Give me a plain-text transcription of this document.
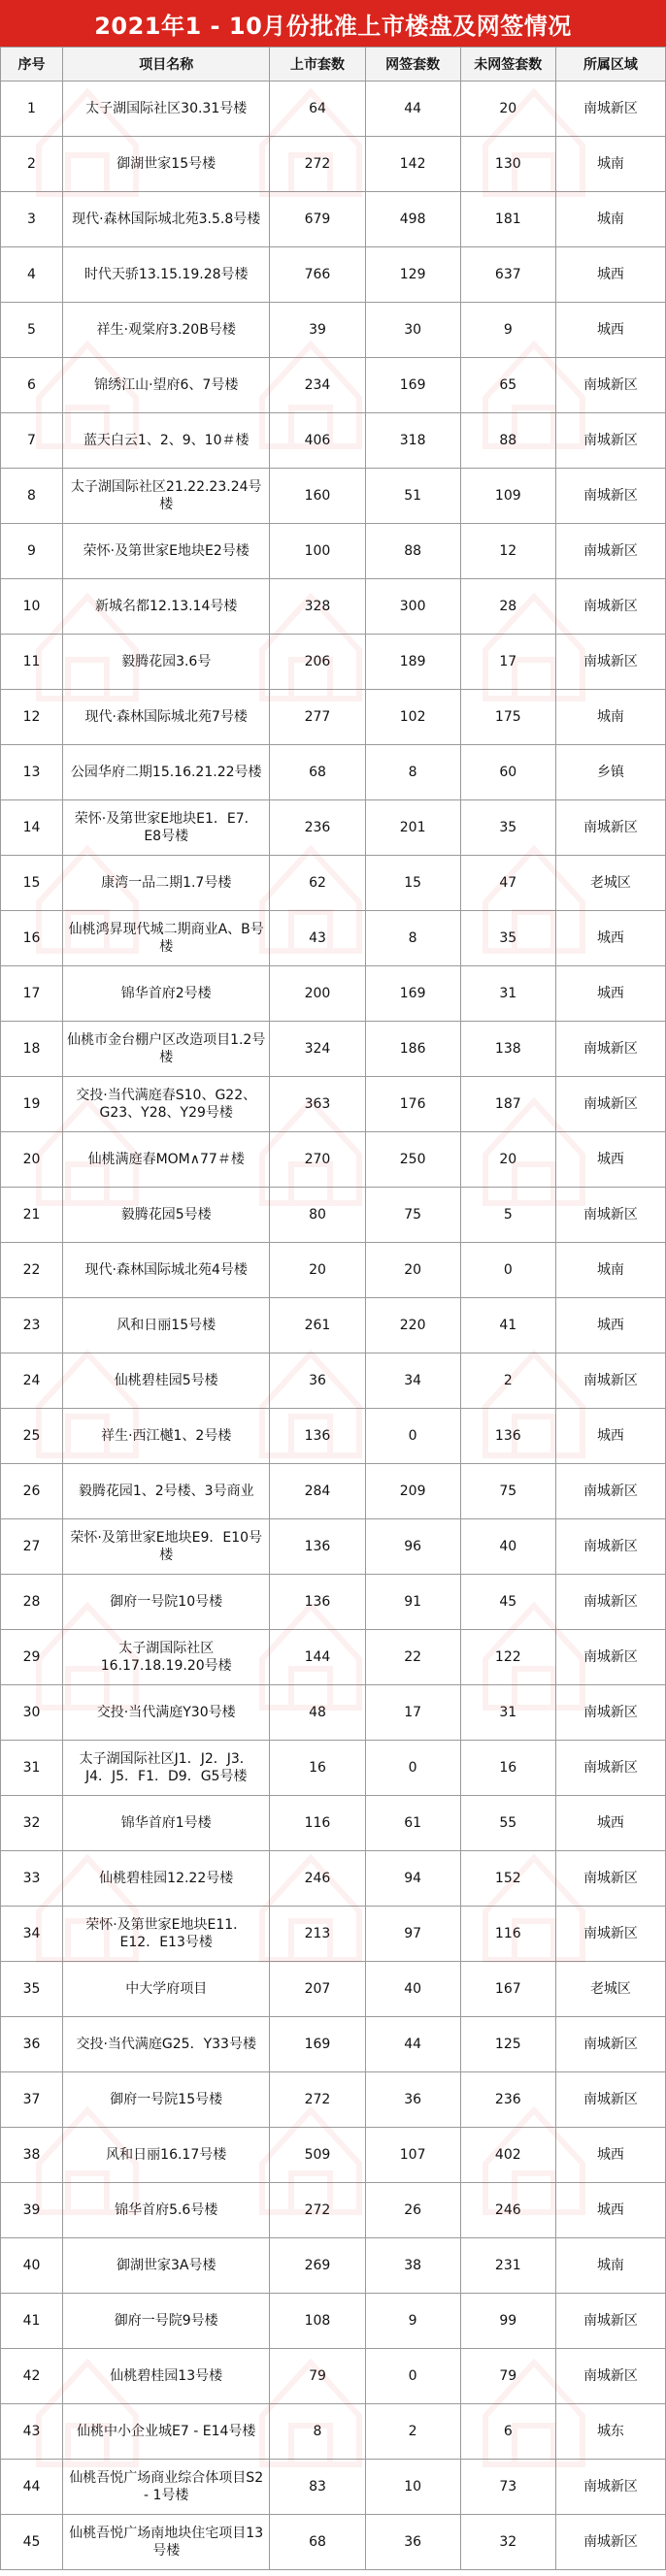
2021年1 - 10月份批准上市楼盘及网签情况
序号	项目名称	上市套数	网签套数	未网签套数	所属区域
1	太子湖国际社区30.31号楼	64	44	20	南城新区
2	御湖世家15号楼	272	142	130	城南
3	现代·森林国际城北苑3.5.8号楼	679	498	181	城南
4	时代天骄13.15.19.28号楼	766	129	637	城西
5	祥生·观棠府3.20B号楼	39	30	9	城西
6	锦绣江山·望府6、7号楼	234	169	65	南城新区
7	蓝天白云1、2、9、10＃楼	406	318	88	南城新区
8	太子湖国际社区21.22.23.24号楼	160	51	109	南城新区
9	荣怀·及第世家E地块E2号楼	100	88	12	南城新区
10	新城名都12.13.14号楼	328	300	28	南城新区
11	毅腾花园3.6号	206	189	17	南城新区
12	现代·森林国际城北苑7号楼	277	102	175	城南
13	公园华府二期15.16.21.22号楼	68	8	60	乡镇
14	荣怀·及第世家E地块E1．E7．E8号楼	236	201	35	南城新区
15	康湾一品二期1.7号楼	62	15	47	老城区
16	仙桃鸿昇现代城二期商业A、B号楼	43	8	35	城西
17	锦华首府2号楼	200	169	31	城西
18	仙桃市金台棚户区改造项目1.2号楼	324	186	138	南城新区
19	交投·当代满庭春S10、G22、G23、Y28、Y29号楼	363	176	187	南城新区
20	仙桃满庭春MOM∧77＃楼	270	250	20	城西
21	毅腾花园5号楼	80	75	5	南城新区
22	现代·森林国际城北苑4号楼	20	20	0	城南
23	风和日丽15号楼	261	220	41	城西
24	仙桃碧桂园5号楼	36	34	2	南城新区
25	祥生·西江樾1、2号楼	136	0	136	城西
26	毅腾花园1、2号楼、3号商业	284	209	75	南城新区
27	荣怀·及第世家E地块E9．E10号楼	136	96	40	南城新区
28	御府一号院10号楼	136	91	45	南城新区
29	太子湖国际社区16.17.18.19.20号楼	144	22	122	南城新区
30	交投·当代满庭Y30号楼	48	17	31	南城新区
31	太子湖国际社区J1．J2．J3．J4．J5．F1．D9．G5号楼	16	0	16	南城新区
32	锦华首府1号楼	116	61	55	城西
33	仙桃碧桂园12.22号楼	246	94	152	南城新区
34	荣怀·及第世家E地块E11．E12．E13号楼	213	97	116	南城新区
35	中大学府项目	207	40	167	老城区
36	交投·当代满庭G25．Y33号楼	169	44	125	南城新区
37	御府一号院15号楼	272	36	236	南城新区
38	风和日丽16.17号楼	509	107	402	城西
39	锦华首府5.6号楼	272	26	246	城西
40	御湖世家3A号楼	269	38	231	城南
41	御府一号院9号楼	108	9	99	南城新区
42	仙桃碧桂园13号楼	79	0	79	南城新区
43	仙桃中小企业城E7 - E14号楼	8	2	6	城东
44	仙桃吾悦广场商业综合体项目S2 - 1号楼	83	10	73	南城新区
45	仙桃吾悦广场南地块住宅项目13号楼	68	36	32	南城新区
